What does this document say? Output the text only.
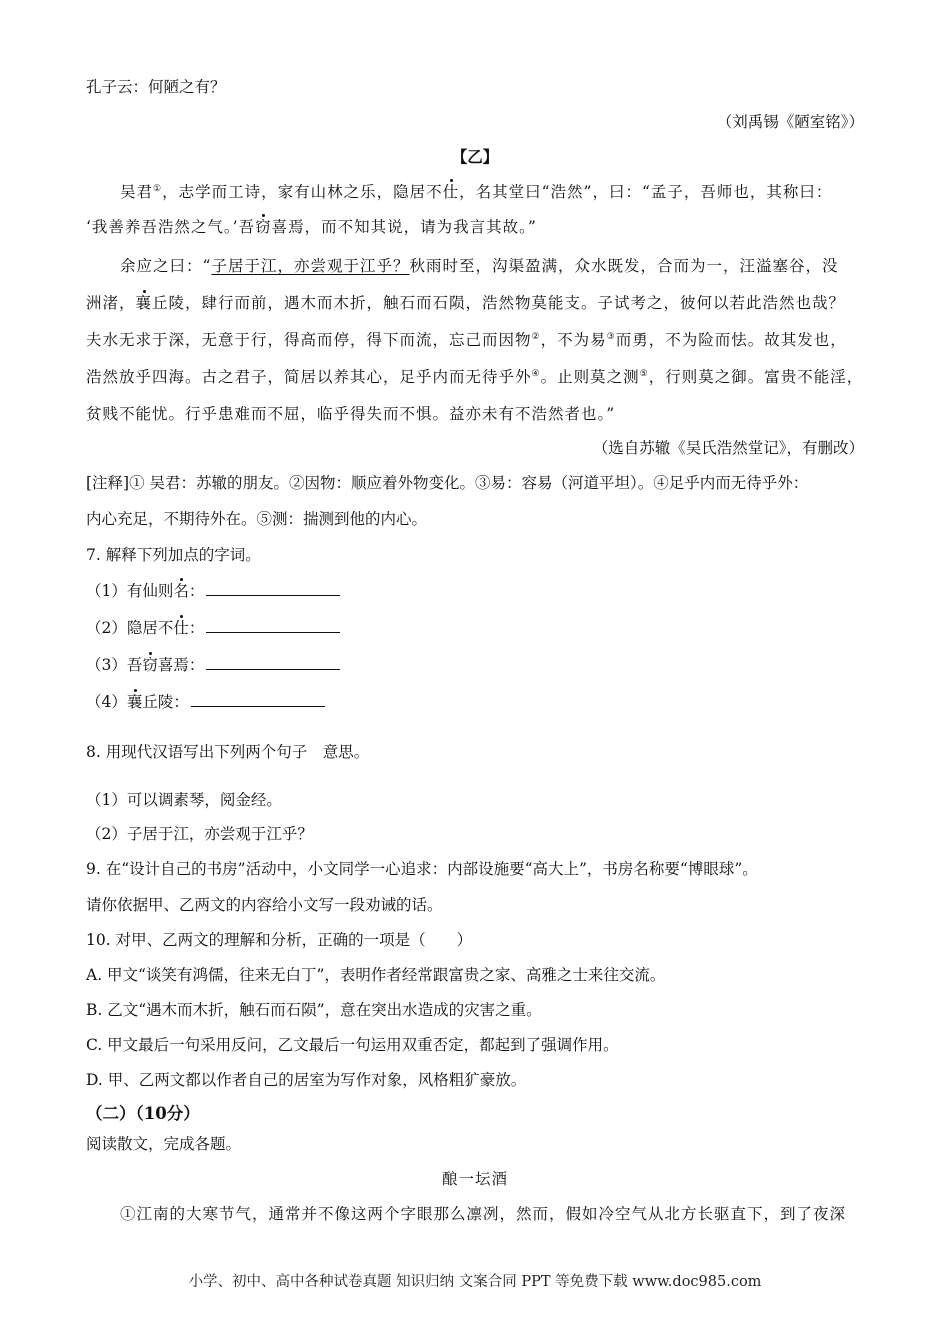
孔子云：何陋之有？
（刘禹锡《陋室铭》）
【乙】
吴君①，志学而工诗，家有山林之乐，隐居不仕，名其堂曰“浩然”，曰：“孟子，吾师也，其称曰：
‘我善养吾浩然之气。’吾窃喜焉，而不知其说，请为我言其故。”
余应之曰：“子居于江，亦尝观于江乎？秋雨时至，沟渠盈满，众水既发，合而为一，汪溢塞谷，没
洲渚，襄丘陵，肆行而前，遇木而木折，触石而石陨，浩然物莫能支。子试考之，彼何以若此浩然也哉？
夫水无求于深，无意于行，得高而停，得下而流，忘己而因物②，不为易③而勇，不为险而怯。故其发也，
浩然放乎四海。古之君子，简居以养其心，足乎内而无待乎外④。止则莫之测⑤，行则莫之御。富贵不能淫，
贫贱不能忧。行乎患难而不屈，临乎得失而不惧。益亦未有不浩然者也。”
（选自苏辙《吴氏浩然堂记》，有删改）
[注释]① 吴君：苏辙的朋友。②因物：顺应着外物变化。③易：容易（河道平坦）。④足乎内而无待乎外：
内心充足，不期待外在。⑤测：揣测到他的内心。
7. 解释下列加点的字词。
（1）有仙则名：
（2）隐居不仕：
（3）吾窃喜焉：
（4）襄丘陵：
8. 用现代汉语写出下列两个句子　意思。
（1）可以调素琴，阅金经。
（2）子居于江，亦尝观于江乎？
9. 在“设计自己的书房”活动中，小文同学一心追求：内部设施要“高大上”，书房名称要“博眼球”。
请你依据甲、乙两文的内容给小文写一段劝诫的话。
10. 对甲、乙两文的理解和分析，正确的一项是（　　）
A. 甲文“谈笑有鸿儒，往来无白丁”，表明作者经常跟富贵之家、高雅之士来往交流。
B. 乙文“遇木而木折，触石而石陨”，意在突出水造成的灾害之重。
C. 甲文最后一句采用反问，乙文最后一句运用双重否定，都起到了强调作用。
D. 甲、乙两文都以作者自己的居室为写作对象，风格粗犷豪放。
（二）（10分）
阅读散文，完成各题。
酿一坛酒
①江南的大寒节气，通常并不像这两个字眼那么凛冽，然而，假如冷空气从北方长驱直下，到了夜深
小学、初中、高中各种试卷真题 知识归纳 文案合同 PPT 等免费下载 www.doc985.com
